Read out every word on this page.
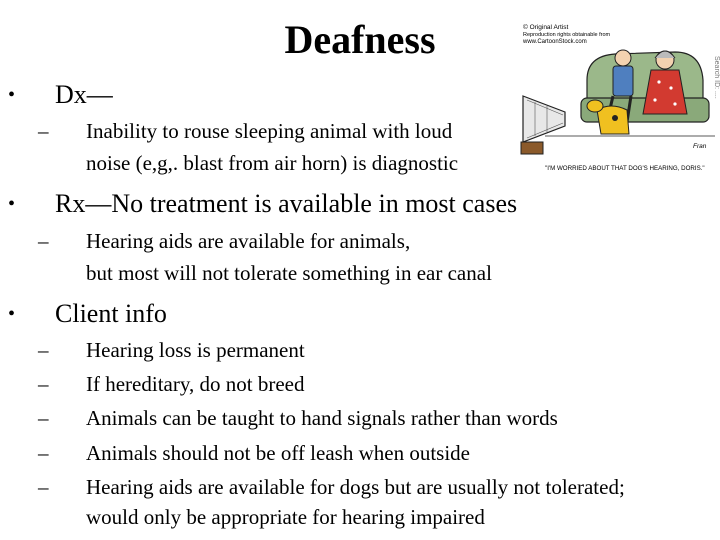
Deafness
• Dx—
– Inability to rouse sleeping animal with loud
noise (e,g,. blast from air horn) is diagnostic
• Rx—No treatment is available in most cases
– Hearing aids are available for animals,
but most will not tolerate something in ear canal
• Client info
– Hearing loss is permanent
– If hereditary, do not breed
– Animals can be taught to hand signals rather than words
– Animals should not be off leash when outside
– Hearing aids are available for dogs but are usually not tolerated;
would only be appropriate for hearing impaired
© Original Artist
Reproduction rights obtainable from
www.CartoonStock.com
Search ID: ....
Fran
"I'M WORRIED ABOUT THAT DOG'S HEARING, DORIS."
